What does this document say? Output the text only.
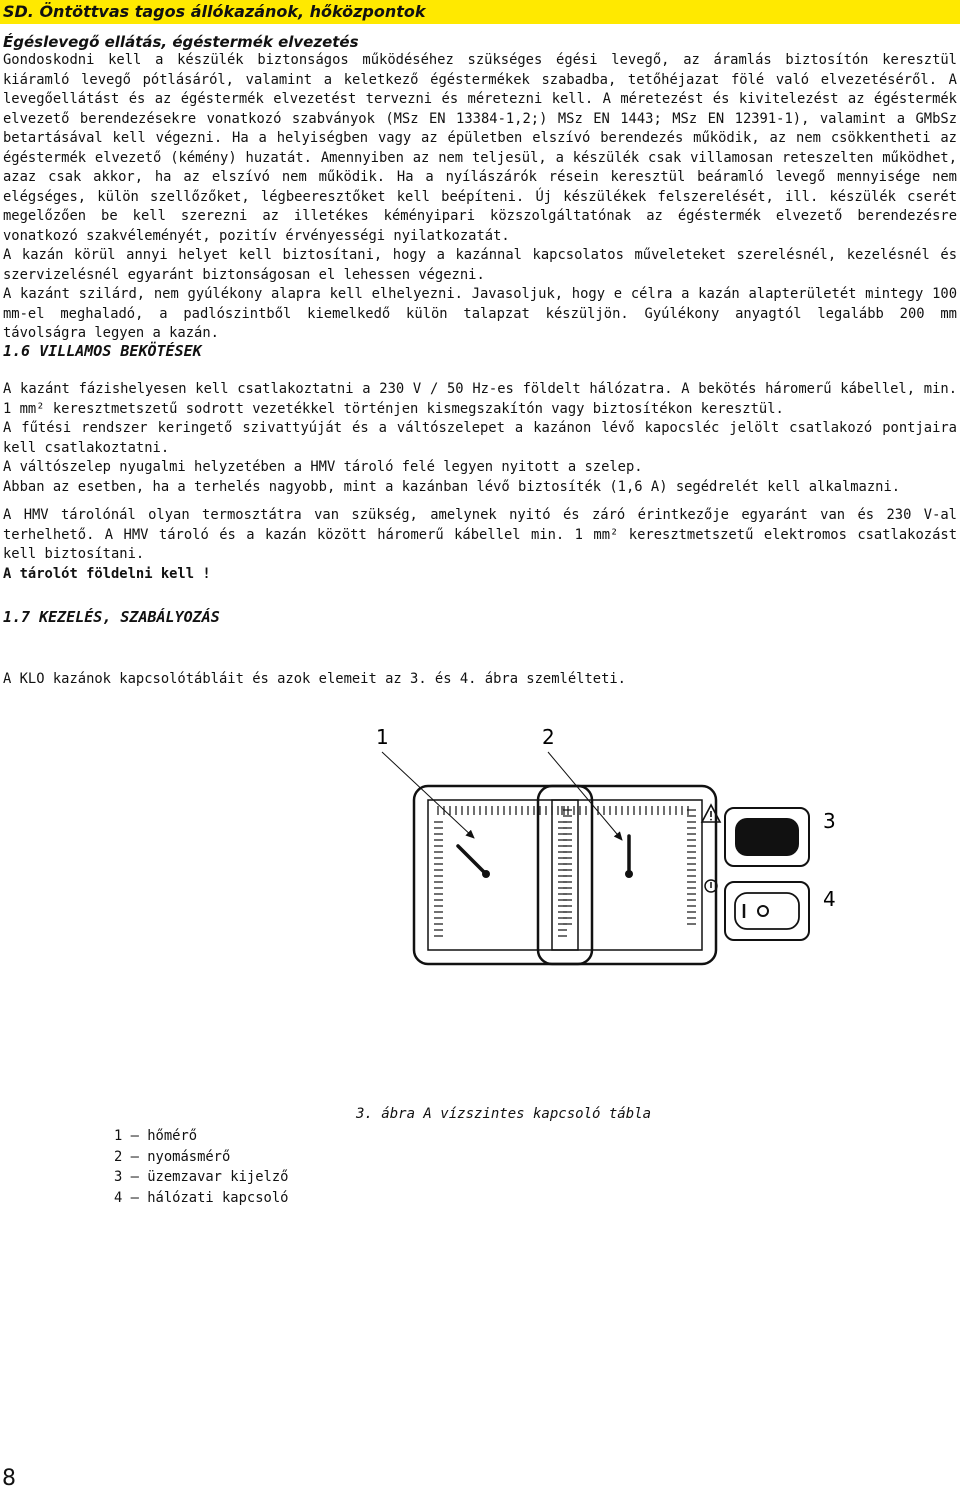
SD. Öntöttvas tagos állókazánok, hőközpontok
Égéslevegő ellátás, égéstermék elvezetés

Gondoskodni kell a készülék biztonságos működéséhez szükséges égési levegő, az áramlás biztosítón keresztül kiáramló levegő pótlásáról, valamint a keletkező égéstermékek szabadba, tetőhéjazat fölé való elvezetéséről. A levegőellátást és az égéstermék elvezetést tervezni és méretezni kell. A méretezést és kivitelezést az égéstermék elvezető berendezésekre vonatkozó szabványok (MSz EN 13384-1,2;) MSz EN 1443; MSz EN 12391-1), valamint a GMbSz betartásával kell végezni. Ha a helyiségben vagy az épületben elszívó berendezés működik, az nem csökkentheti az égéstermék elvezető (kémény) huzatát. Amennyiben az nem teljesül, a készülék csak villamosan reteszelten működhet, azaz csak akkor, ha az elszívó nem működik. Ha a nyílászárók résein keresztül beáramló levegő mennyisége nem elégséges, külön szellőzőket, légbeeresztőket kell beépíteni. Új készülékek felszerelését, ill. készülék cserét megelőzően be kell szerezni az illetékes kéményipari közszolgáltatónak az égéstermék elvezető berendezésre vonatkozó szakvéleményét, pozitív érvényességi nyilatkozatát.

A kazán körül annyi helyet kell biztosítani, hogy a kazánnal kapcsolatos műveleteket szerelésnél, kezelésnél és szervizelésnél egyaránt biztonságosan el lehessen végezni.

A kazánt szilárd, nem gyúlékony alapra kell elhelyezni. Javasoljuk, hogy e célra a kazán alapterületét mintegy 100 mm-el meghaladó, a padlószintből kiemelkedő külön talapzat készüljön. Gyúlékony anyagtól legalább 200 mm távolságra legyen a kazán.

1.6 VILLAMOS BEKÖTÉSEK

A kazánt fázishelyesen kell csatlakoztatni a 230 V / 50 Hz-es földelt hálózatra. A bekötés háromerű kábellel, min. 1 mm² keresztmetszetű sodrott vezetékkel történjen kismegszakítón vagy biztosítékon keresztül.

A fűtési rendszer keringető szivattyúját és a váltószelepet a kazánon lévő kapocsléc jelölt csatlakozó pontjaira kell csatlakoztatni.

A váltószelep nyugalmi helyzetében a HMV tároló felé legyen nyitott a szelep.

Abban az esetben, ha a terhelés nagyobb, mint a kazánban lévő biztosíték (1,6 A) segédrelét kell alkalmazni.

A HMV tárolónál olyan termosztátra van szükség, amelynek nyitó és záró érintkezője egyaránt van és 230 V-al terhelhető. A HMV tároló és a kazán között háromerű kábellel min. 1 mm² keresztmetszetű elektromos csatlakozást kell biztosítani.

A tárolót földelni kell !

1.7 KEZELÉS, SZABÁLYOZÁS

A KLO kazánok kapcsolótábláit és azok elemeit az 3. és 4. ábra szemlélteti.

1	2
3
4
3. ábra A vízszintes kapcsoló tábla
1 – hőmérő
2 – nyomásmérő
3 – üzemzavar kijelző
4 – hálózati kapcsoló
8
